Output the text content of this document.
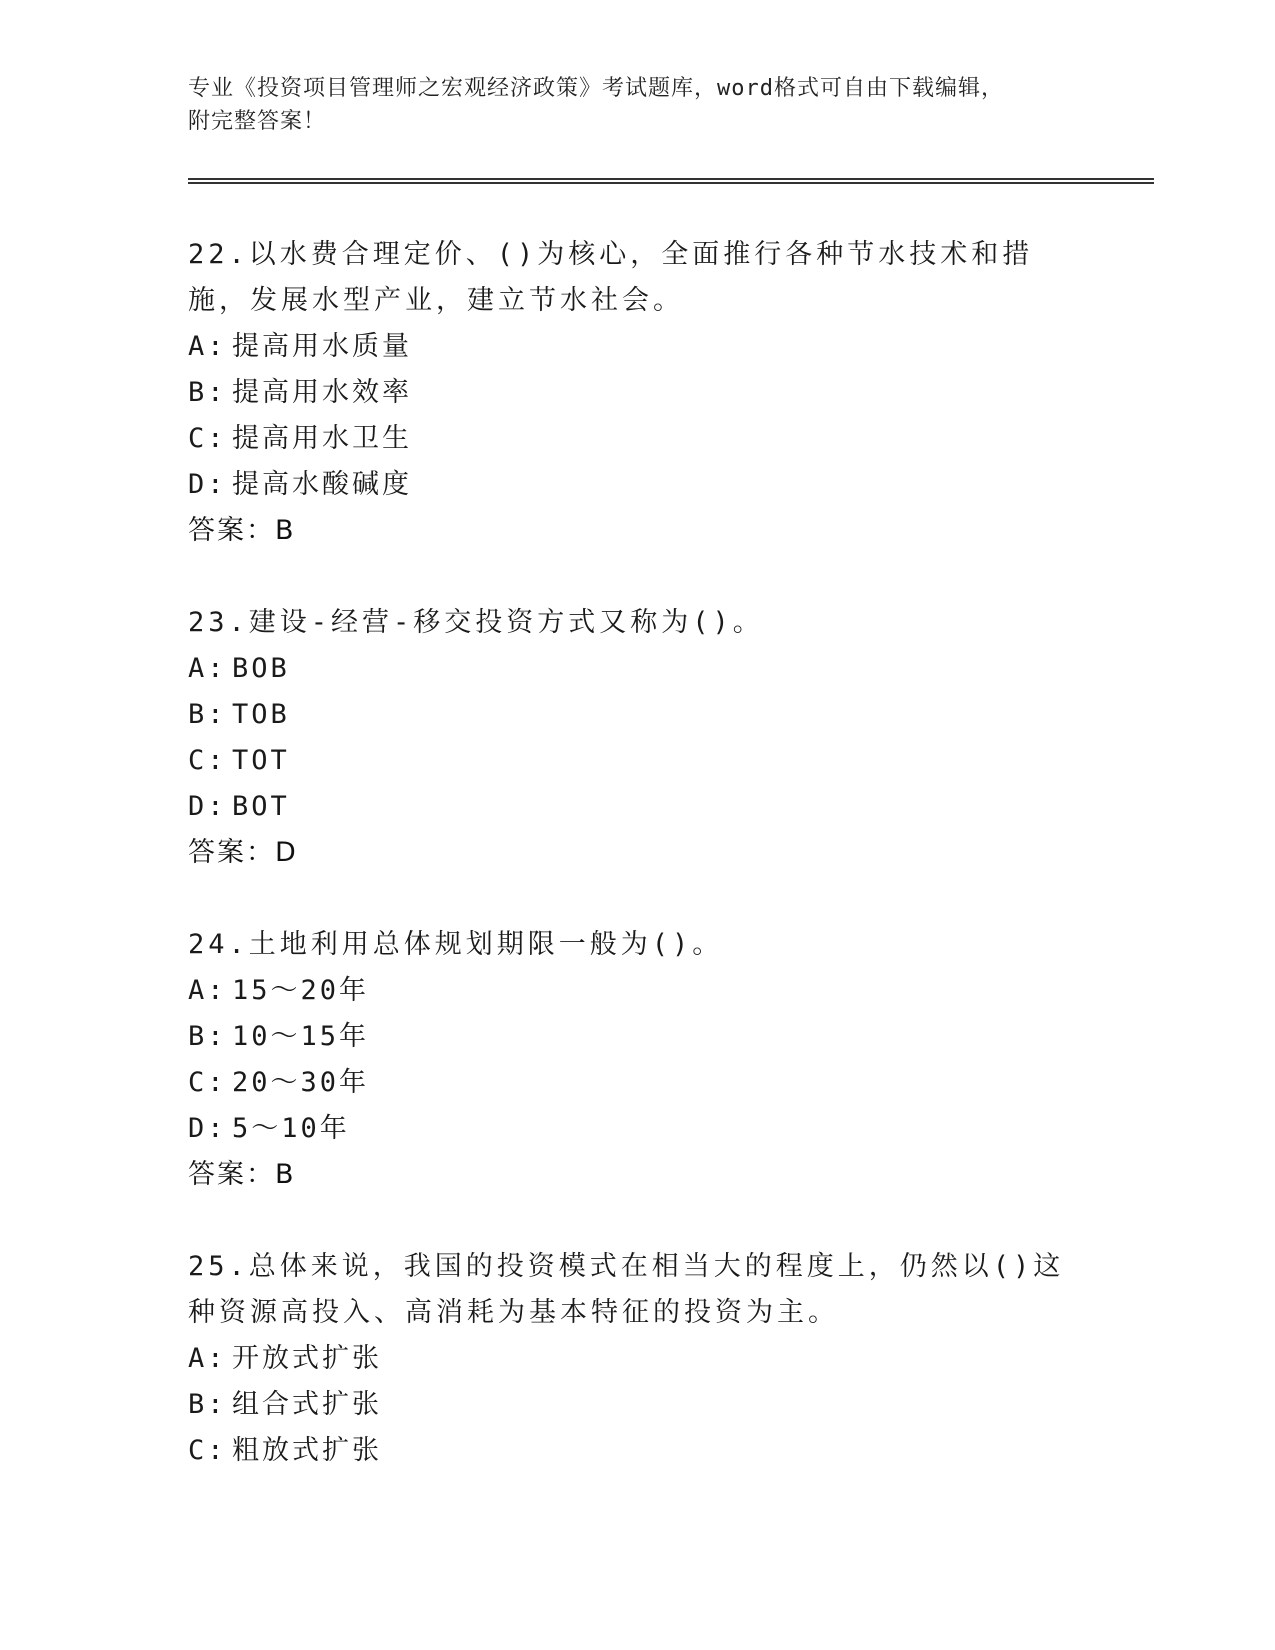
专业《投资项目管理师之宏观经济政策》考试题库，word格式可自由下载编辑，
附完整答案！
22.以水费合理定价、()为核心，全面推行各种节水技术和措施，发展水型产业，建立节水社会。
A: 提高用水质量
B: 提高用水效率
C: 提高用水卫生
D: 提高水酸碱度
答案：B
23.建设-经营-移交投资方式又称为()。
A: BOB
B: TOB
C: TOT
D: BOT
答案：D
24.土地利用总体规划期限一般为()。
A: 15～20年
B: 10～15年
C: 20～30年
D: 5～10年
答案：B
25.总体来说，我国的投资模式在相当大的程度上，仍然以()这种资源高投入、高消耗为基本特征的投资为主。
A: 开放式扩张
B: 组合式扩张
C: 粗放式扩张
